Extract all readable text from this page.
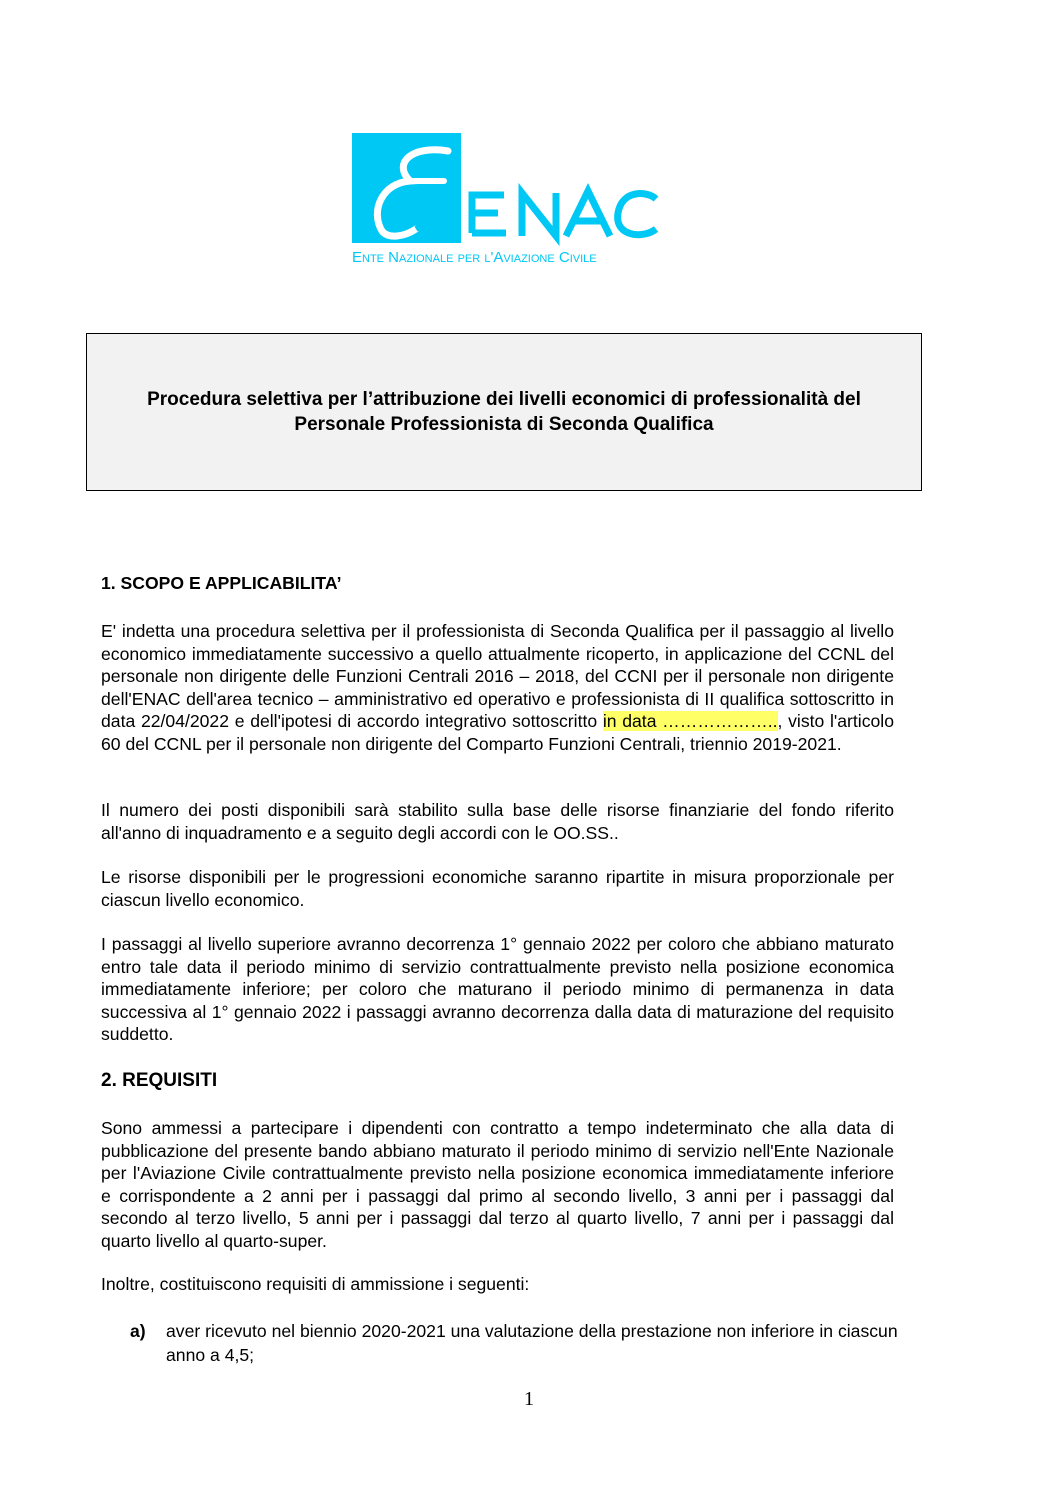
Ente Nazionale per l'Aviazione Civile
Procedura selettiva per l’attribuzione dei livelli economici di professionalità del
Personale Professionista di Seconda Qualifica
1. SCOPO E APPLICABILITA’
E' indetta una procedura selettiva per il professionista di Seconda Qualifica per il passaggio al livello economico immediatamente successivo a quello attualmente ricoperto, in applicazione del CCNL del personale non dirigente delle Funzioni Centrali 2016 – 2018, del CCNI per il personale non dirigente dell'ENAC dell'area tecnico – amministrativo ed operativo e professionista di II qualifica sottoscritto in data 22/04/2022 e dell'ipotesi di accordo integrativo sottoscritto in data ……………….., visto l'articolo 60 del CCNL per il personale non dirigente del Comparto Funzioni Centrali, triennio 2019-2021.
Il numero dei posti disponibili sarà stabilito sulla base delle risorse finanziarie del fondo riferito all'anno di inquadramento e a seguito degli accordi con le OO.SS..
Le risorse disponibili per le progressioni economiche saranno ripartite in misura proporzionale per ciascun livello economico.
I passaggi al livello superiore avranno decorrenza 1° gennaio 2022 per coloro che abbiano maturato entro tale data il periodo minimo di servizio contrattualmente previsto nella posizione economica immediatamente inferiore; per coloro che maturano il periodo minimo di permanenza in data successiva al 1° gennaio 2022 i passaggi avranno decorrenza dalla data di maturazione del requisito suddetto.
2. REQUISITI
Sono ammessi a partecipare i dipendenti con contratto a tempo indeterminato che alla data di pubblicazione del presente bando abbiano maturato il periodo minimo di servizio nell'Ente Nazionale per l'Aviazione Civile contrattualmente previsto nella posizione economica immediatamente inferiore e corrispondente a 2 anni per i passaggi dal primo al secondo livello, 3 anni per i passaggi dal secondo al terzo livello, 5 anni per i passaggi dal terzo al quarto livello, 7 anni per i passaggi dal quarto livello al quarto-super.
Inoltre, costituiscono requisiti di ammissione i seguenti:
a) aver ricevuto nel biennio 2020-2021 una valutazione della prestazione non inferiore in ciascun anno a 4,5;
1
